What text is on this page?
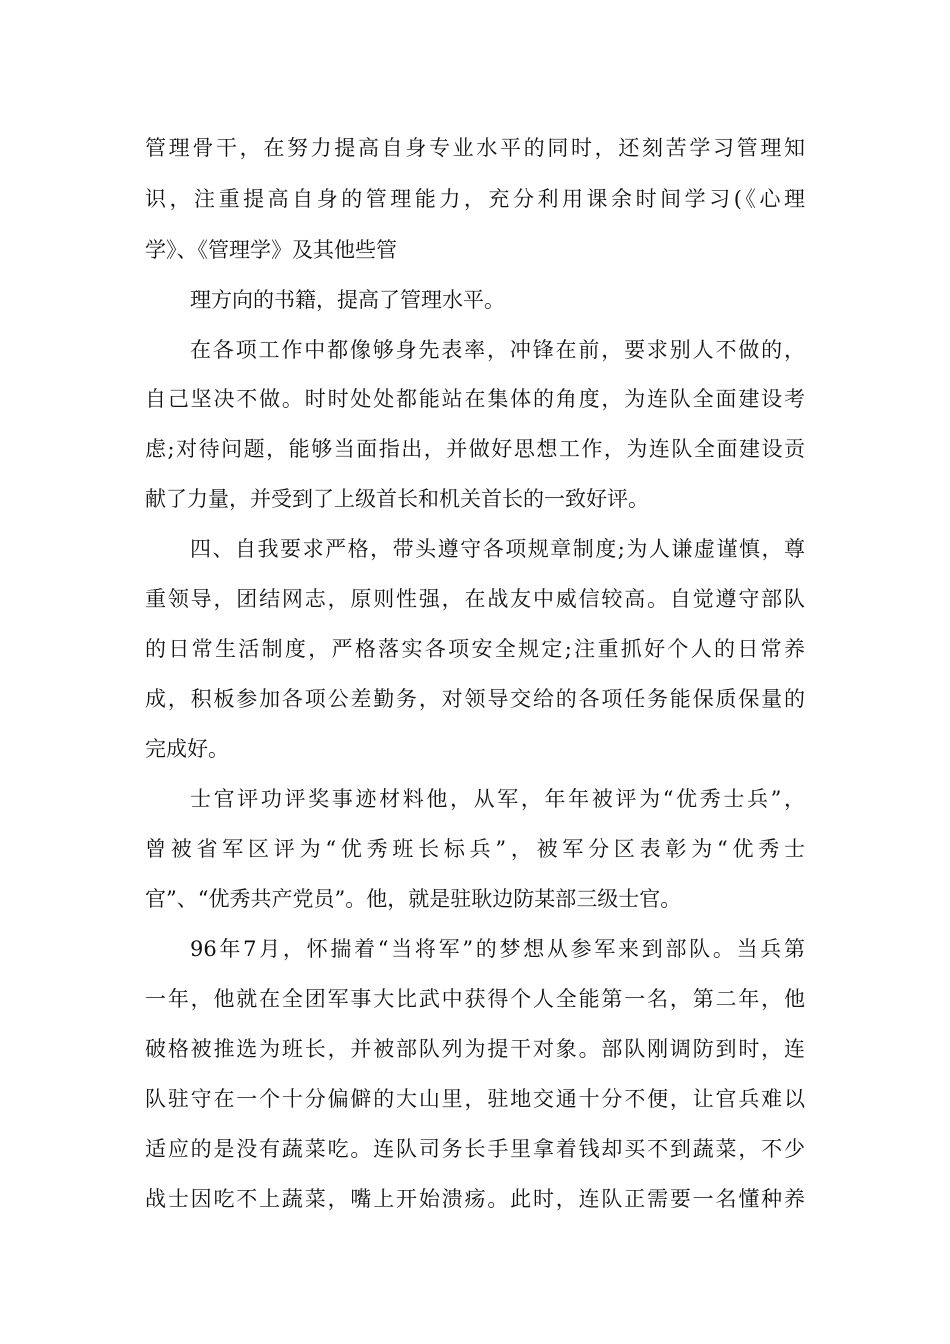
管理骨干，在努力提高自身专业水平的同时，还刻苦学习管理知
识，注重提高自身的管理能力，充分利用课余时间学习(《心理
学》、《管理学》及其他些管
理方向的书籍，提高了管理水平。
在各项工作中都像够身先表率，冲锋在前，要求别人不做的，
自己坚决不做。时时处处都能站在集体的角度，为连队全面建设考
虑;对待问题，能够当面指出，并做好思想工作，为连队全面建设贡
献了力量，并受到了上级首长和机关首长的一致好评。
四、自我要求严格，带头遵守各项规章制度;为人谦虚谨慎，尊
重领导，团结网志，原则性强，在战友中威信较高。自觉遵守部队
的日常生活制度，严格落实各项安全规定;注重抓好个人的日常养
成，积板参加各项公差勤务，对领导交给的各项任务能保质保量的
完成好。
士官评功评奖事迹材料他，从军，年年被评为“优秀士兵”，
曾被省军区评为“优秀班长标兵”，被军分区表彰为“优秀士
官”、“优秀共产党员”。他，就是驻耿边防某部三级士官。
96年7月，怀揣着“当将军”的梦想从参军来到部队。当兵第
一年，他就在全团军事大比武中获得个人全能第一名，第二年，他
破格被推选为班长，并被部队列为提干对象。部队刚调防到时，连
队驻守在一个十分偏僻的大山里，驻地交通十分不便，让官兵难以
适应的是没有蔬菜吃。连队司务长手里拿着钱却买不到蔬菜，不少
战士因吃不上蔬菜，嘴上开始溃疡。此时，连队正需要一名懂种养
